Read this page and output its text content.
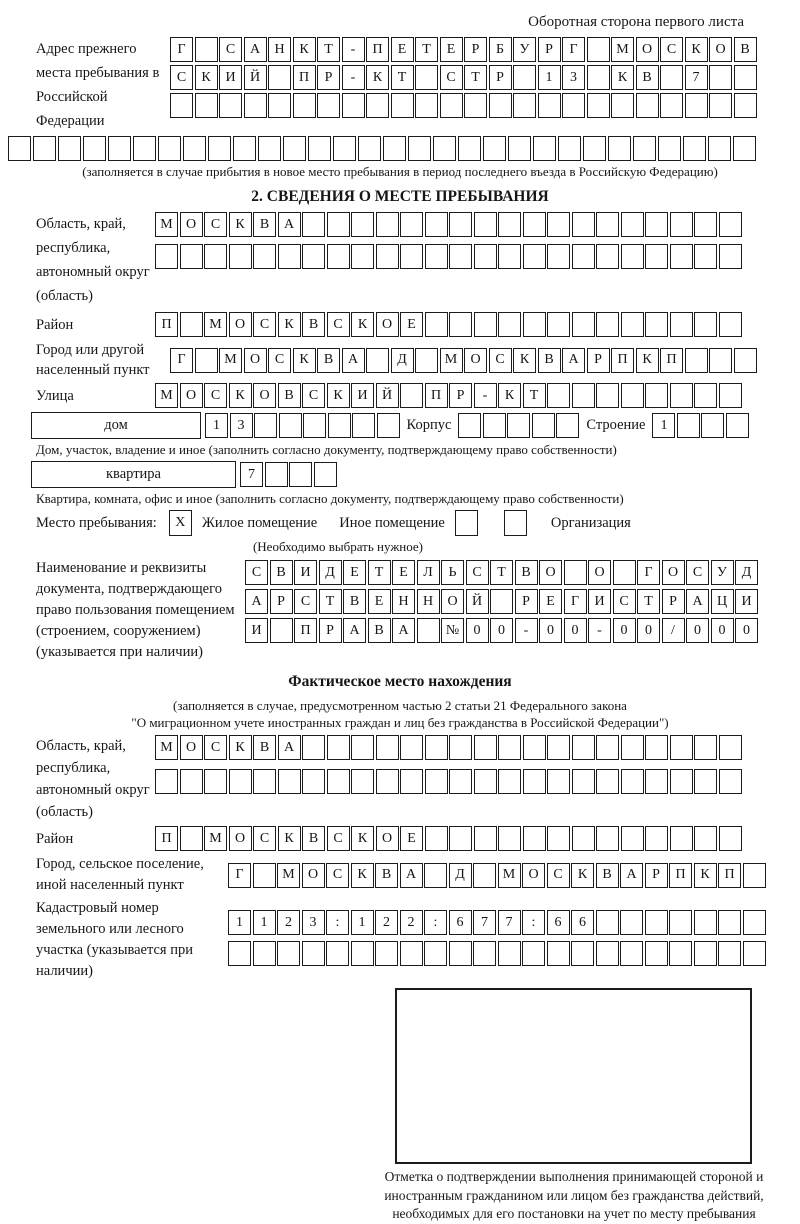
Оборотная сторона первого листа
Адрес прежнего места пребывания в Российской Федерации
Г	С	А	Н	К	Т	-	П	Е	Т	Е	Р	Б	У	Р	Г	М О	С	К	О	В
С	К	И	Й	П	Р	-	К	Т	С	Т	Р	1	3	К	В	7
(заполняется в случае прибытия в новое место пребывания в период последнего въезда в Российскую Федерацию)
2. СВЕДЕНИЯ О МЕСТЕ ПРЕБЫВАНИЯ
Область, край, республика, автономный округ (область)
М О	С	К	В	А
Район	П	М О	С	К	В	С	К	О	Е
Город или другой населенный пункт
Г	М О	С	К	В	А	Д	М О	С	К	В	А	Р	П	К	П
Улица	М О	С	К	О	В	С	К	И	Й	П	Р	-	К	Т
дом	1	3	Корпус	Строение	1
Дом, участок, владение и иное (заполнить согласно документу, подтверждающему право собственности)
квартира	7
Квартира, комната, офис и иное (заполнить согласно документу, подтверждающему право собственности)
Место пребывания:	X	Жилое помещение Иное помещение	Организация
(Необходимо выбрать нужное)
Наименование и реквизиты документа, подтверждающего право пользования помещением (строением, сооружением) (указывается при наличии)
С	В	И	Д	Е	Т	Е	Л	Ь	С	Т	В	О	О	Г	О	С	У	Д
А	Р	С	Т	В	Е	Н	Н	О	Й	Р	Е	Г	И	С	Т	Р	А	Ц	И
И	П	Р	А	В	А	№	0	0	-	0	0	-	0	0	/	0	0	0
Фактическое место нахождения
(заполняется в случае, предусмотренном частью 2 статьи 21 Федерального закона
"О миграционном учете иностранных граждан и лиц без гражданства в Российской Федерации")
Область, край, республика, автономный округ (область)
М О	С	К	В	А
Район	П	М О	С	К	В	С	К	О	Е
Город, сельское поселение, иной населенный пункт
Г	М О	С	К	В	А	Д	М О	С	К	В	А	Р	П	К	П
Кадастровый номер земельного или лесного участка (указывается при наличии)
1	1	2	3	:	1	2	2	:	6	7	7	:	6	6
Отметка о подтверждении выполнения принимающей стороной и иностранным гражданином или лицом без гражданства действий, необходимых для его постановки на учет по месту пребывания
